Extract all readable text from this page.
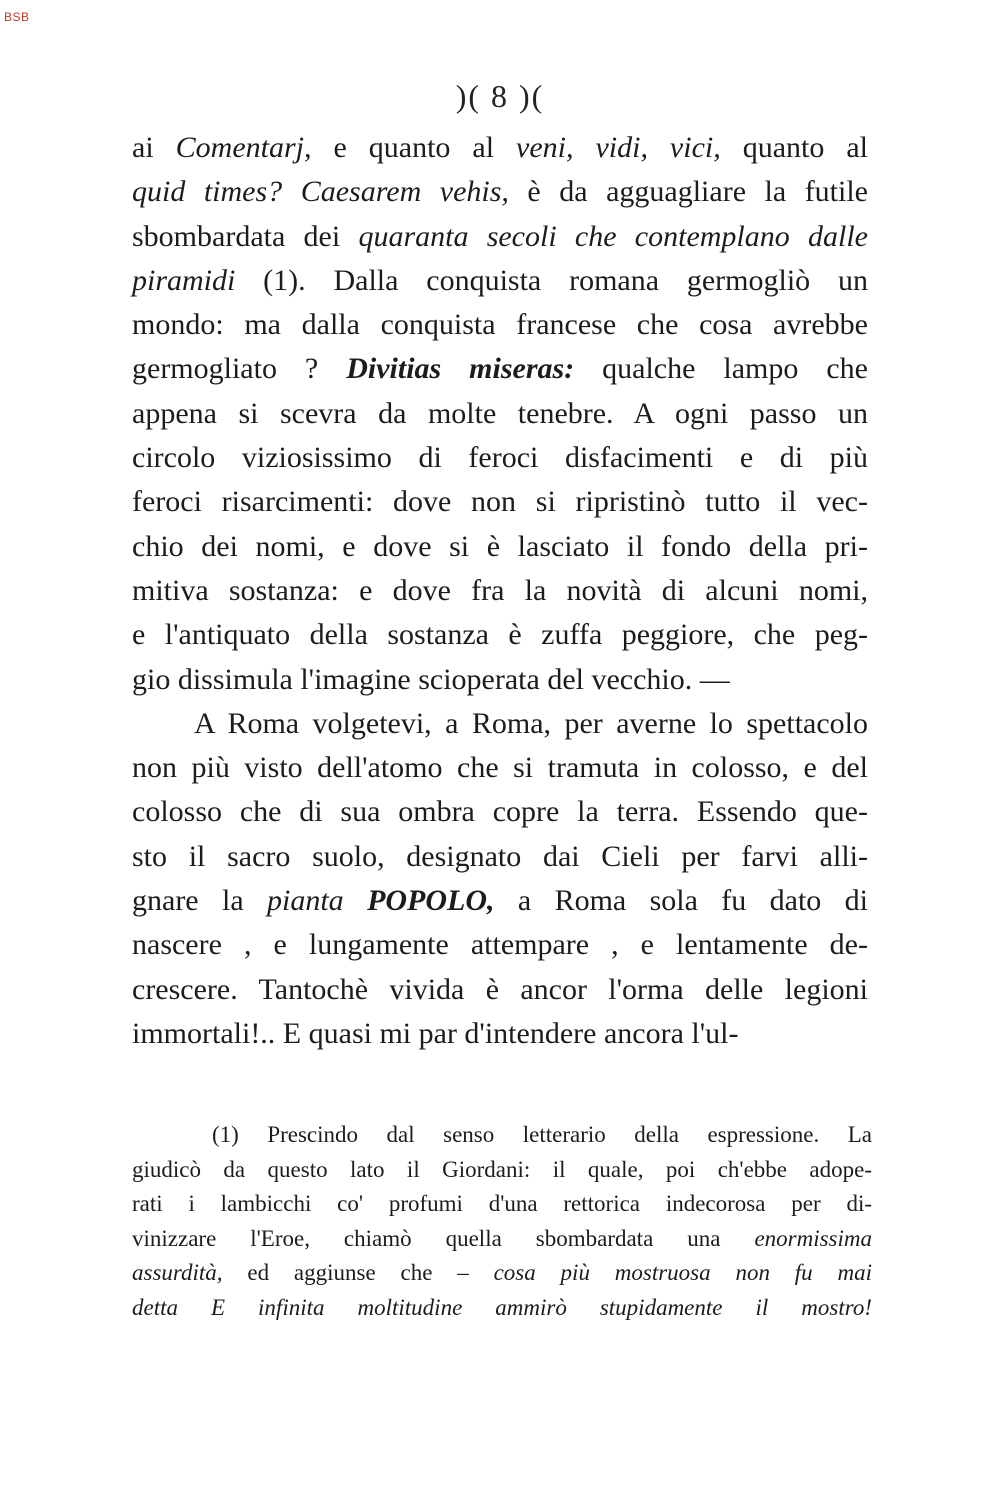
BSB
)( 8 )(
ai Comentarj, e quanto al veni, vidi, vici, quanto al
quid times? Caesarem vehis, è da agguagliare la futile
sbombardata dei quaranta secoli che contemplano dalle
piramidi (1). Dalla conquista romana germogliò un
mondo: ma dalla conquista francese che cosa avrebbe
germogliato ? Divitias miseras: qualche lampo che
appena si scevra da molte tenebre. A ogni passo un
circolo viziosissimo di feroci disfacimenti e di più
feroci risarcimenti: dove non si ripristinò tutto il vec-
chio dei nomi, e dove si è lasciato il fondo della pri-
mitiva sostanza: e dove fra la novità di alcuni nomi,
e l'antiquato della sostanza è zuffa peggiore, che peg-
gio dissimula l'imagine scioperata del vecchio. —
A Roma volgetevi, a Roma, per averne lo spettacolo
non più visto dell'atomo che si tramuta in colosso, e del
colosso che di sua ombra copre la terra. Essendo que-
sto il sacro suolo, designato dai Cieli per farvi alli-
gnare la pianta POPOLO, a Roma sola fu dato di
nascere , e lungamente attempare , e lentamente de-
crescere. Tantochè vivida è ancor l'orma delle legioni
immortali!.. E quasi mi par d'intendere ancora l'ul-
(1) Prescindo dal senso letterario della espressione. La
giudicò da questo lato il Giordani: il quale, poi ch'ebbe adope-
rati i lambicchi co' profumi d'una rettorica indecorosa per di-
vinizzare l'Eroe, chiamò quella sbombardata una enormissima
assurdità, ed aggiunse che – cosa più mostruosa non fu mai
detta E infinita moltitudine ammirò stupidamente il mostro!
